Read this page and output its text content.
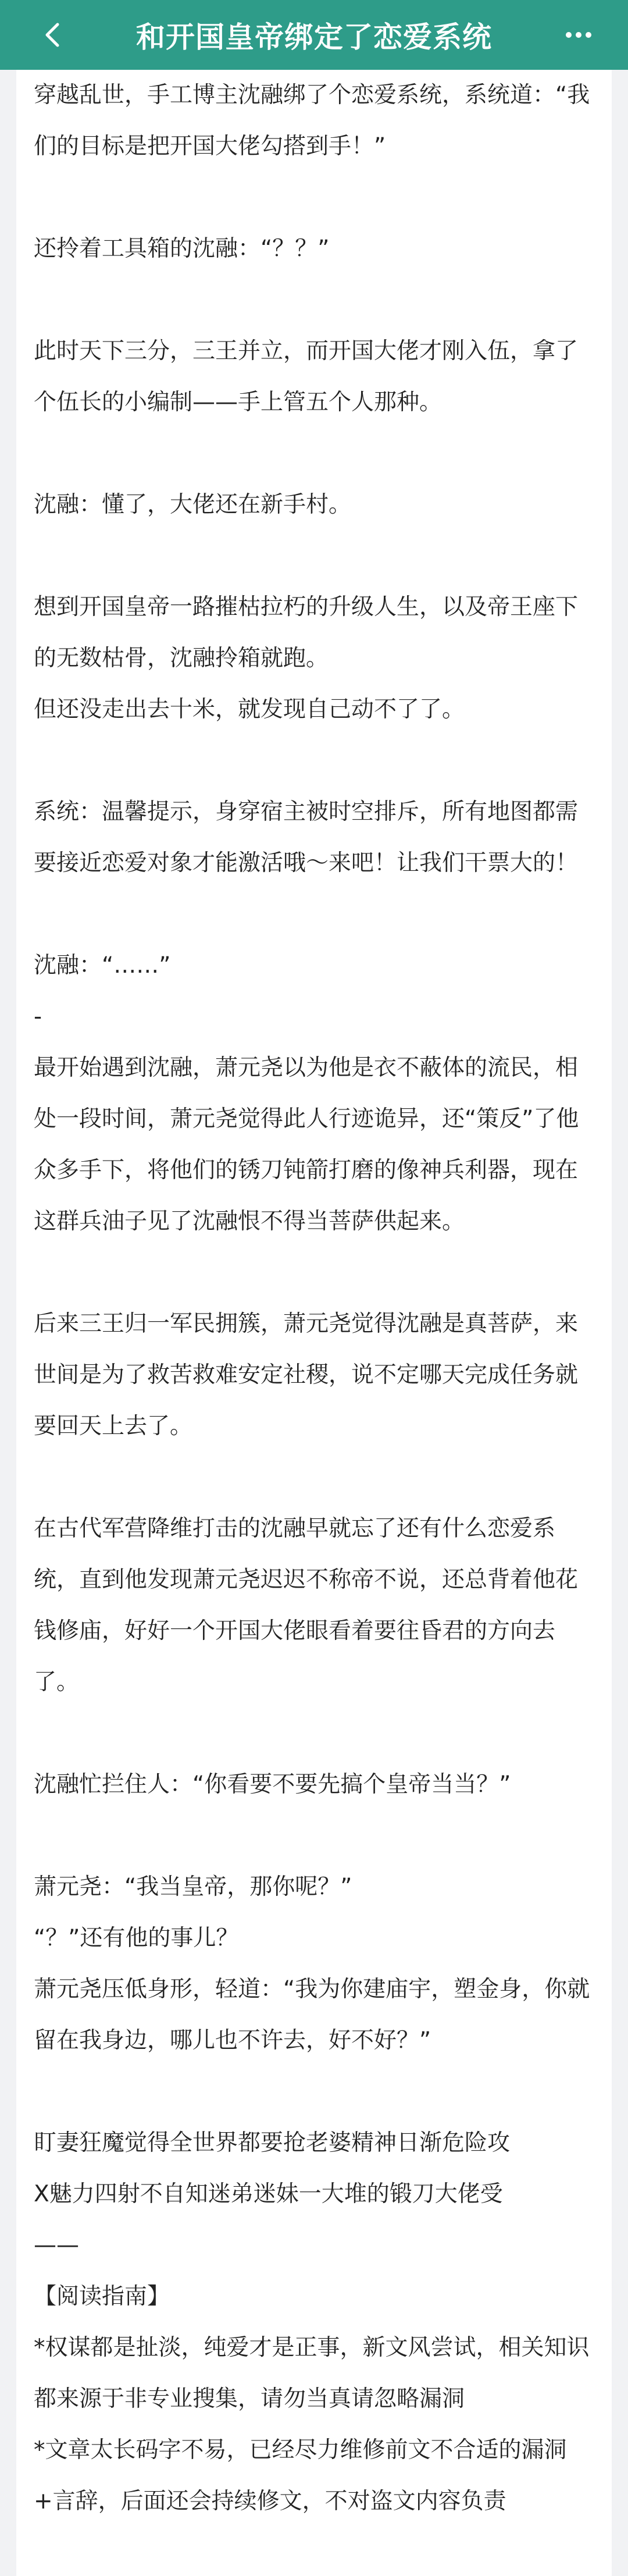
和开国皇帝绑定了恋爱系统

穿越乱世，手工博主沈融绑了个恋爱系统，系统道：“我们的目标是把开国大佬勾搭到手！”

还拎着工具箱的沈融：“？？”

此时天下三分，三王并立，而开国大佬才刚入伍，拿了个伍长的小编制——手上管五个人那种。

沈融：懂了，大佬还在新手村。

想到开国皇帝一路摧枯拉朽的升级人生，以及帝王座下的无数枯骨，沈融拎箱就跑。

但还没走出去十米，就发现自己动不了了。

系统：温馨提示，身穿宿主被时空排斥，所有地图都需要接近恋爱对象才能激活哦～来吧！让我们干票大的！

沈融：“……”

-

最开始遇到沈融，萧元尧以为他是衣不蔽体的流民，相处一段时间，萧元尧觉得此人行迹诡异，还“策反”了他众多手下，将他们的锈刀钝箭打磨的像神兵利器，现在这群兵油子见了沈融恨不得当菩萨供起来。

后来三王归一军民拥簇，萧元尧觉得沈融是真菩萨，来世间是为了救苦救难安定社稷，说不定哪天完成任务就要回天上去了。

在古代军营降维打击的沈融早就忘了还有什么恋爱系统，直到他发现萧元尧迟迟不称帝不说，还总背着他花钱修庙，好好一个开国大佬眼看着要往昏君的方向去了。

沈融忙拦住人：“你看要不要先搞个皇帝当当？”

萧元尧：“我当皇帝，那你呢？”

“？”还有他的事儿？

萧元尧压低身形，轻道：“我为你建庙宇，塑金身，你就留在我身边，哪儿也不许去，好不好？”

盯妻狂魔觉得全世界都要抢老婆精神日渐危险攻

X魅力四射不自知迷弟迷妹一大堆的锻刀大佬受

——

【阅读指南】

*权谋都是扯淡，纯爱才是正事，新文风尝试，相关知识都来源于非专业搜集，请勿当真请忽略漏洞

*文章太长码字不易，已经尽力维修前文不合适的漏洞+言辞，后面还会持续修文，不对盗文内容负责
